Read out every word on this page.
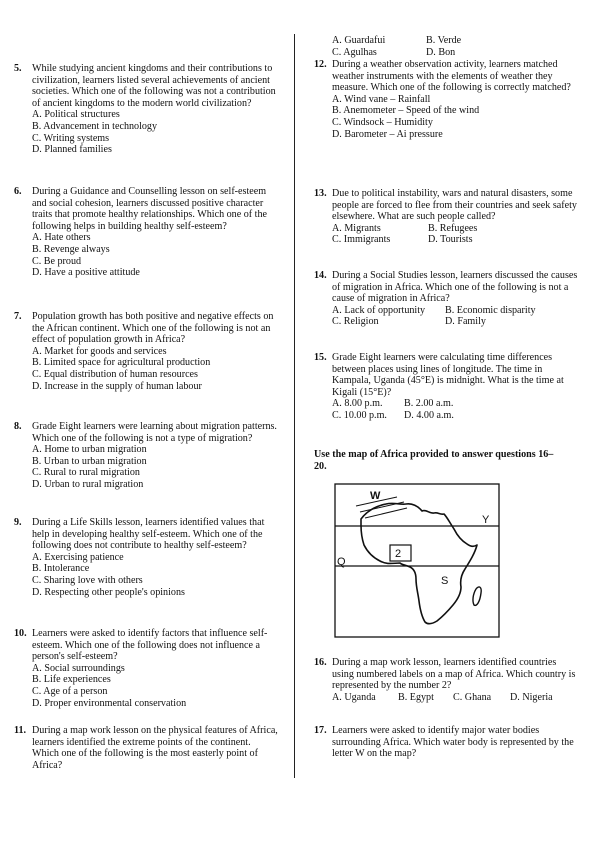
5. While studying ancient kingdoms and their contributions to civilization, learners listed several achievements of ancient societies. Which one of the following was not a contribution of ancient kingdoms to the modern world civilization?
A. Political structures
B. Advancement in technology
C. Writing systems
D. Planned families
6. During a Guidance and Counselling lesson on self-esteem and social cohesion, learners discussed positive character traits that promote healthy relationships. Which one of the following helps in building healthy self-esteem?
A. Hate others
B. Revenge always
C. Be proud
D. Have a positive attitude
7. Population growth has both positive and negative effects on the African continent. Which one of the following is not an effect of population growth in Africa?
A. Market for goods and services
B. Limited space for agricultural production
C. Equal distribution of human resources
D. Increase in the supply of human labour
8. Grade Eight learners were learning about migration patterns. Which one of the following is not a type of migration?
A. Home to urban migration
B. Urban to urban migration
C. Rural to rural migration
D. Urban to rural migration
9. During a Life Skills lesson, learners identified values that help in developing healthy self-esteem. Which one of the following does not contribute to healthy self-esteem?
A. Exercising patience
B. Intolerance
C. Sharing love with others
D. Respecting other people's opinions
10. Learners were asked to identify factors that influence self-esteem. Which one of the following does not influence a person's self-esteem?
A. Social surroundings
B. Life experiences
C. Age of a person
D. Proper environmental conservation
11. During a map work lesson on the physical features of Africa, learners identified the extreme points of the continent. Which one of the following is the most easterly point of Africa?
A. Guardafui	B. Verde
C. Agulhas	D. Bon
12. During a weather observation activity, learners matched weather instruments with the elements of weather they measure. Which one of the following is correctly matched?
A. Wind vane – Rainfall
B. Anemometer – Speed of the wind
C. Windsock – Humidity
D. Barometer – Ai pressure
13. Due to political instability, wars and natural disasters, some people are forced to flee from their countries and seek safety elsewhere. What are such people called?
A. Migrants	B. Refugees
C. Immigrants	D. Tourists
14. During a Social Studies lesson, learners discussed the causes of migration in Africa. Which one of the following is not a cause of migration in Africa?
A. Lack of opportunity	B. Economic disparity
C. Religion	D. Family
15. Grade Eight learners were calculating time differences between places using lines of longitude. The time in Kampala, Uganda (45°E) is midnight. What is the time at Kigali (15°E)?
A. 8.00 p.m.	B. 2.00 a.m.
C. 10.00 p.m.	D. 4.00 a.m.
Use the map of Africa provided to answer questions 16–20.
2
W
Y
Q
S
16. During a map work lesson, learners identified countries using numbered labels on a map of Africa. Which country is represented by the number 2?
A. Uganda	B. Egypt	C. Ghana	D. Nigeria
17. Learners were asked to identify major water bodies surrounding Africa. Which water body is represented by the letter W on the map?
